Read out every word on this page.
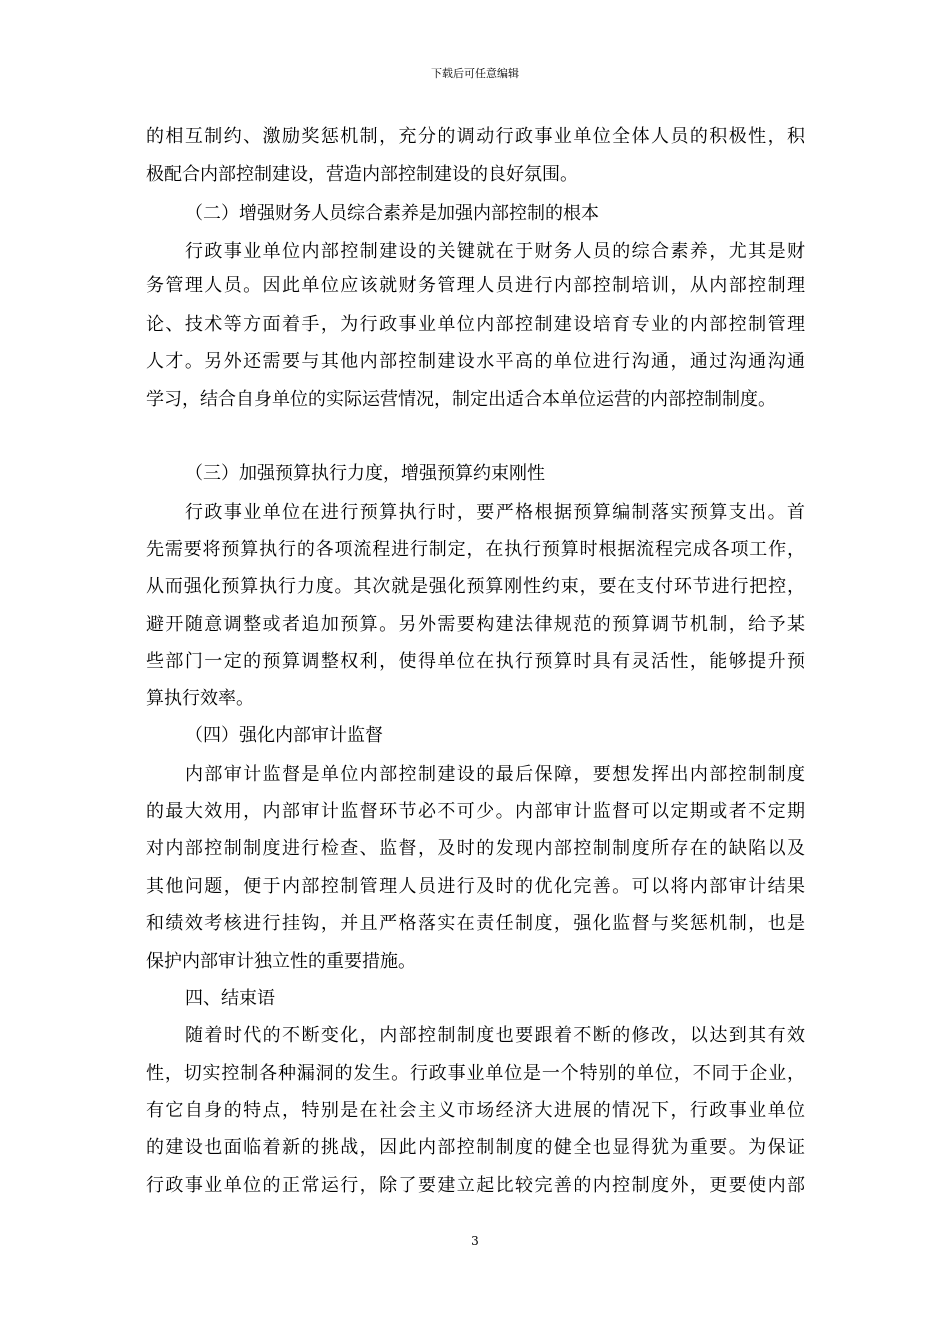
下载后可任意编辑
的相互制约、激励奖惩机制，充分的调动行政事业单位全体人员的积极性，积
极配合内部控制建设，营造内部控制建设的良好氛围。
（二）增强财务人员综合素养是加强内部控制的根本
行政事业单位内部控制建设的关键就在于财务人员的综合素养，尤其是财
务管理人员。因此单位应该就财务管理人员进行内部控制培训，从内部控制理
论、技术等方面着手，为行政事业单位内部控制建设培育专业的内部控制管理
人才。另外还需要与其他内部控制建设水平高的单位进行沟通，通过沟通沟通
学习，结合自身单位的实际运营情况，制定出适合本单位运营的内部控制制度。
（三）加强预算执行力度，增强预算约束刚性
行政事业单位在进行预算执行时，要严格根据预算编制落实预算支出。首
先需要将预算执行的各项流程进行制定，在执行预算时根据流程完成各项工作，
从而强化预算执行力度。其次就是强化预算刚性约束，要在支付环节进行把控，
避开随意调整或者追加预算。另外需要构建法律规范的预算调节机制，给予某
些部门一定的预算调整权利，使得单位在执行预算时具有灵活性，能够提升预
算执行效率。
（四）强化内部审计监督
内部审计监督是单位内部控制建设的最后保障，要想发挥出内部控制制度
的最大效用，内部审计监督环节必不可少。内部审计监督可以定期或者不定期
对内部控制制度进行检查、监督，及时的发现内部控制制度所存在的缺陷以及
其他问题，便于内部控制管理人员进行及时的优化完善。可以将内部审计结果
和绩效考核进行挂钩，并且严格落实在责任制度，强化监督与奖惩机制，也是
保护内部审计独立性的重要措施。
四、结束语
随着时代的不断变化，内部控制制度也要跟着不断的修改，以达到其有效
性，切实控制各种漏洞的发生。行政事业单位是一个特别的单位，不同于企业，
有它自身的特点，特别是在社会主义市场经济大进展的情况下，行政事业单位
的建设也面临着新的挑战，因此内部控制制度的健全也显得犹为重要。为保证
行政事业单位的正常运行，除了要建立起比较完善的内控制度外，更要使内部
3
